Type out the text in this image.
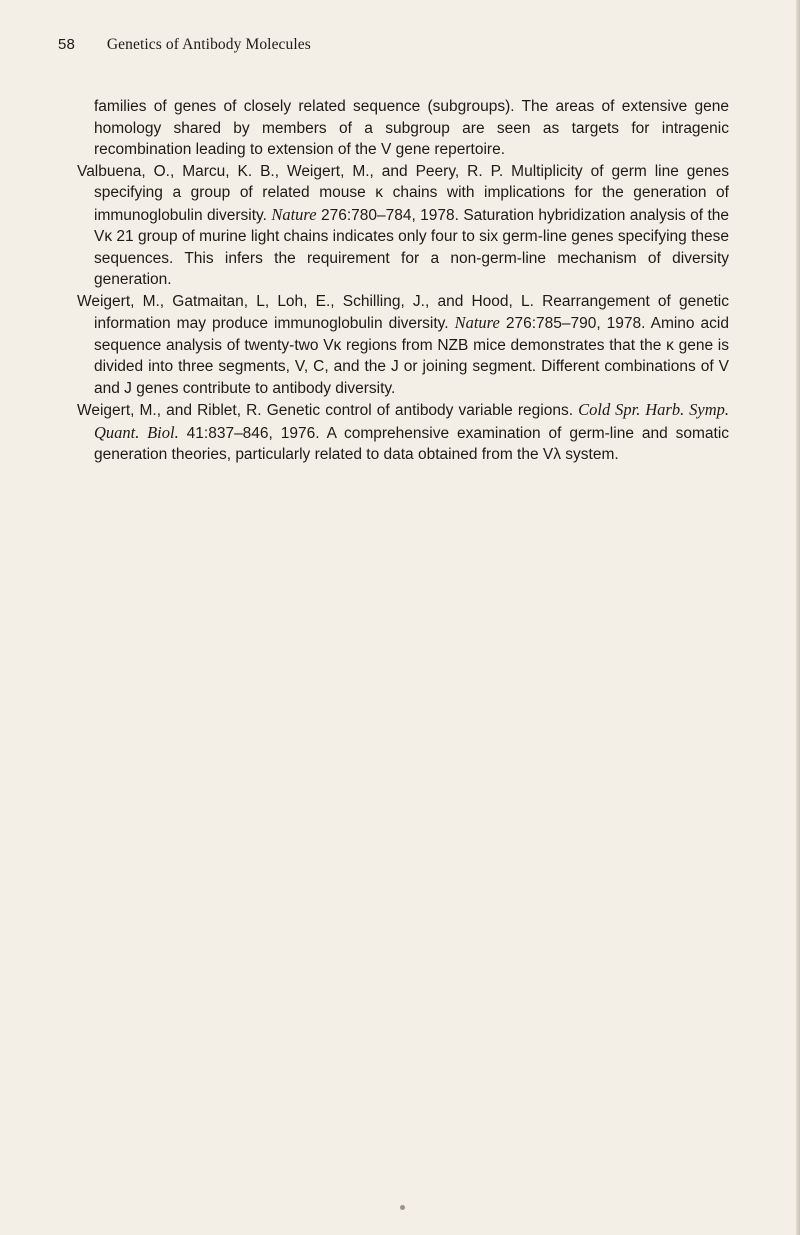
58 Genetics of Antibody Molecules

families of genes of closely related sequence (subgroups). The areas of extensive gene homology shared by members of a subgroup are seen as targets for intragenic recombination leading to extension of the V gene repertoire.

Valbuena, O., Marcu, K. B., Weigert, M., and Peery, R. P. Multiplicity of germ line genes specifying a group of related mouse κ chains with implications for the generation of immunoglobulin diversity. Nature 276:780–784, 1978. Saturation hybridization analysis of the Vκ 21 group of murine light chains indicates only four to six germ-line genes specifying these sequences. This infers the requirement for a non-germ-line mechanism of diversity generation.

Weigert, M., Gatmaitan, L, Loh, E., Schilling, J., and Hood, L. Rearrangement of genetic information may produce immunoglobulin diversity. Nature 276:785–790, 1978. Amino acid sequence analysis of twenty-two Vκ regions from NZB mice demonstrates that the κ gene is divided into three segments, V, C, and the J or joining segment. Different combinations of V and J genes contribute to antibody diversity.

Weigert, M., and Riblet, R. Genetic control of antibody variable regions. Cold Spr. Harb. Symp. Quant. Biol. 41:837–846, 1976. A comprehensive examination of germ-line and somatic generation theories, particularly related to data obtained from the Vλ system.
